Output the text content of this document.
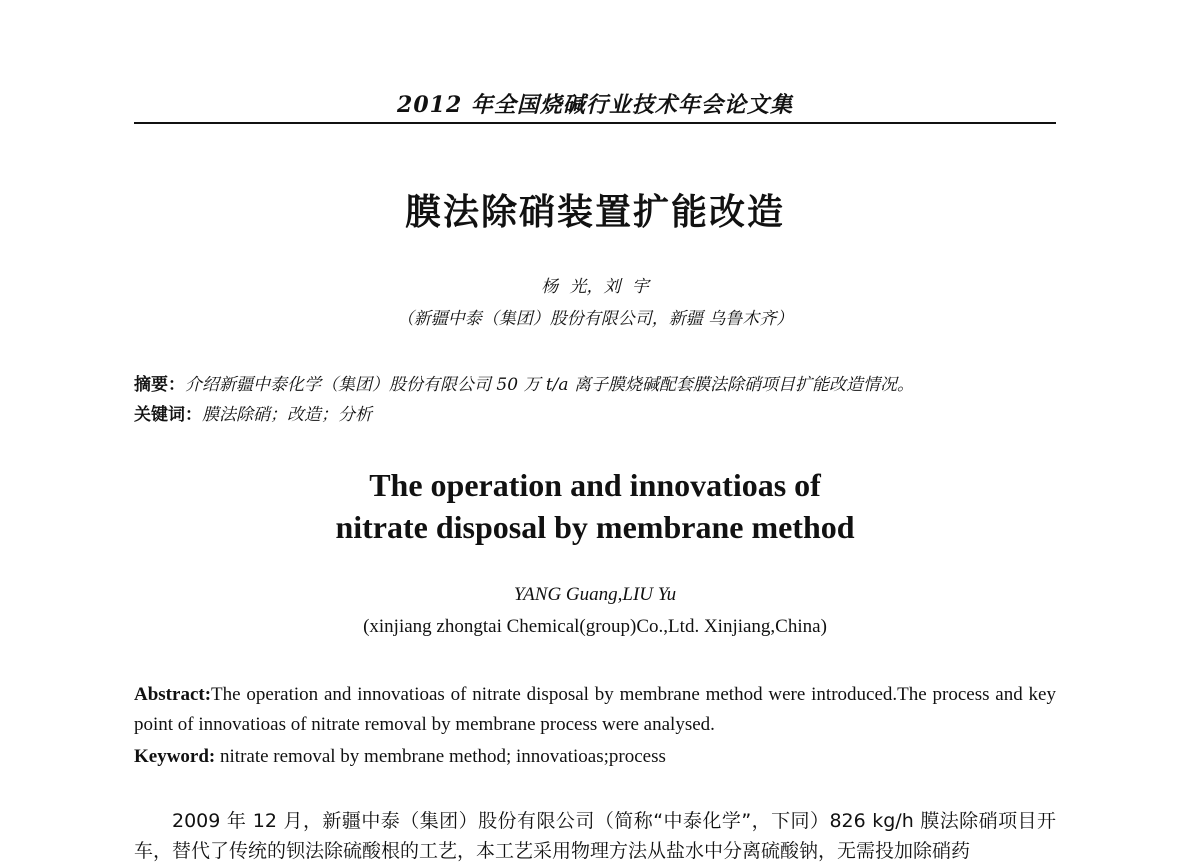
2012 年全国烧碱行业技术年会论文集
膜法除硝装置扩能改造
杨 光，刘 宇
（新疆中泰（集团）股份有限公司，新疆 乌鲁木齐）
摘要：介绍新疆中泰化学（集团）股份有限公司 50 万 t/a 离子膜烧碱配套膜法除硝项目扩能改造情况。
关键词：膜法除硝；改造；分析
The operation and innovatioas of
nitrate disposal by membrane method
YANG Guang,LIU Yu
(xinjiang zhongtai Chemical(group)Co.,Ltd. Xinjiang,China)
Abstract:The operation and innovatioas of nitrate disposal by membrane method were introduced.The process and key point of innovatioas of nitrate removal by membrane process were analysed.
Keyword: nitrate removal by membrane method; innovatioas;process
2009 年 12 月，新疆中泰（集团）股份有限公司（简称“中泰化学”，下同）826 kg/h 膜法除硝项目开车，替代了传统的钡法除硫酸根的工艺，本工艺采用物理方法从盐水中分离硫酸钠，无需投加除硝药
